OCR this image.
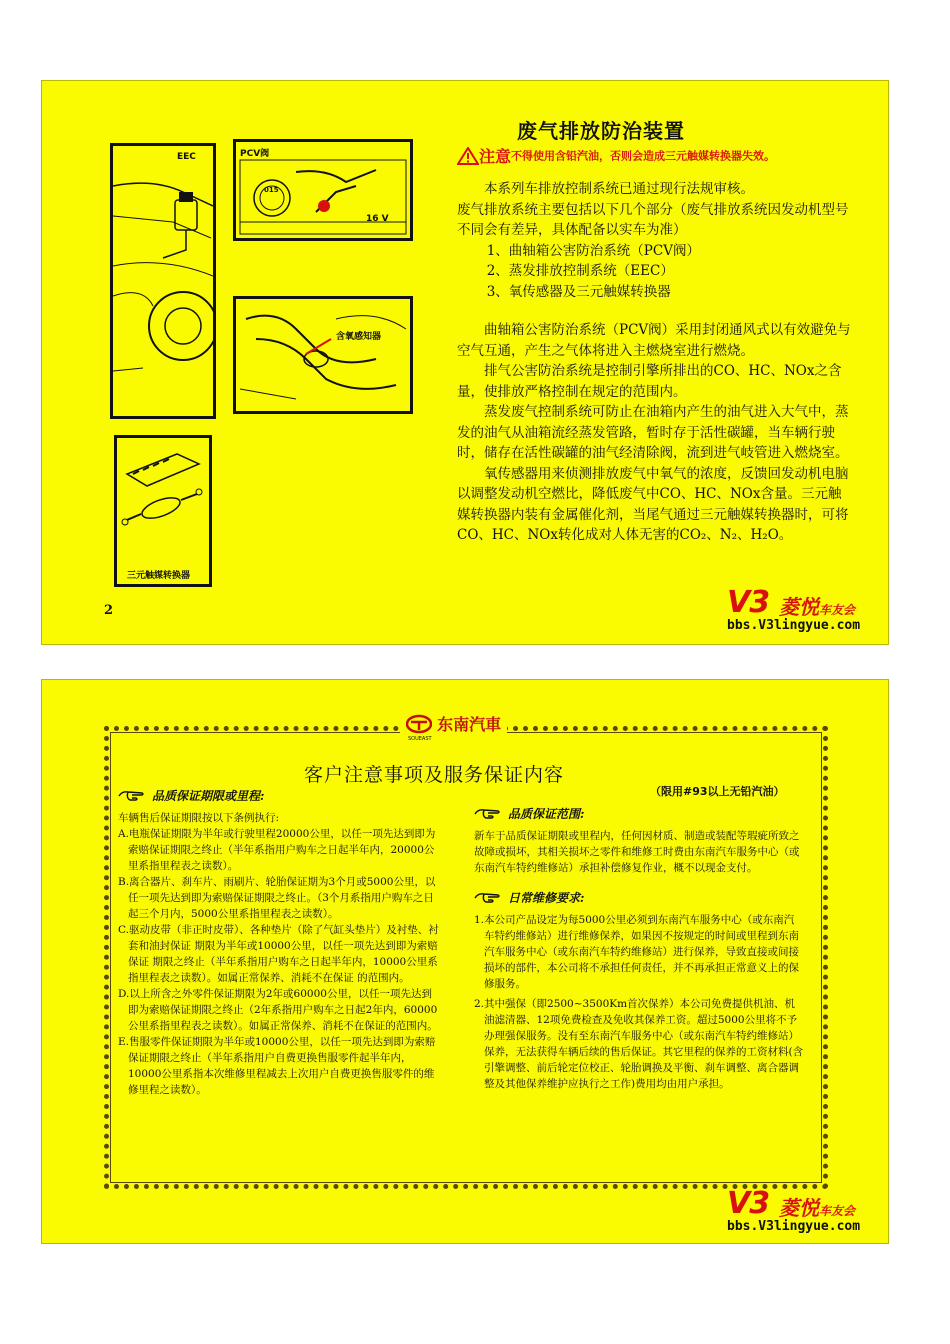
EEC	PCV阀
015
16 V
含氧感知器
三元触媒转换器
废气排放防治装置
注意不得使用含铅汽油，否则会造成三元触媒转换器失效。

本系列车排放控制系统已通过现行法规审核。

废气排放系统主要包括以下几个部分（废气排放系统因发动机型号不同会有差异，具体配备以实车为准）

1、曲轴箱公害防治系统（PCV阀）

2、蒸发排放控制系统（EEC）

3、氧传感器及三元触媒转换器

曲轴箱公害防治系统（PCV阀）采用封闭通风式以有效避免与空气互通，产生之气体将进入主燃烧室进行燃烧。

排气公害防治系统是控制引擎所排出的CO、HC、NOx之含量，使排放严格控制在规定的范围内。

蒸发废气控制系统可防止在油箱内产生的油气进入大气中，蒸发的油气从油箱流经蒸发管路，暂时存于活性碳罐，当车辆行驶时，储存在活性碳罐的油气经清除阀，流到进气岐管进入燃烧室。

氧传感器用来侦测排放废气中氧气的浓度，反馈回发动机电脑以调整发动机空燃比，降低废气中CO、HC、NOx含量。三元触媒转换器内装有金属催化剂，当尾气通过三元触媒转换器时，可将CO、HC、NOx转化成对人体无害的CO₂、N₂、H₂O。

2	V3 菱悦车友会
bbs.V3lingyue.com
东南汽車
SOUEAST
客户注意事项及服务保证内容
（限用#93以上无铅汽油）
品质保证期限或里程:

车辆售后保证期限按以下条例执行:

A.电瓶保证期限为半年或行驶里程20000公里，以任一项先达到即为索赔保证期限之终止（半年系指用户购车之日起半年内，20000公里系指里程表之读数）。

B.离合器片、刹车片、雨刷片、轮胎保证期为3个月或5000公里，以任一项先达到即为索赔保证期限之终止。（3个月系指用户购车之日起三个月内，5000公里系指里程表之读数）。

C.驱动皮带（非正时皮带）、各种垫片（除了气缸头垫片）及衬垫、衬套和油封保证 期限为半年或10000公里，以任一项先达到即为索赔保证 期限之终止（半年系指用户购车之日起半年内，10000公里系指里程表之读数）。如属正常保养、消耗不在保证 的范围内。

D.以上所含之外零件保证期限为2年或60000公里，以任一项先达到即为索赔保证期限之终止（2年系指用户购车之日起2年内，60000公里系指里程表之读数）。如属正常保养、消耗不在保证的范围内。

E.售服零件保证期限为半年或10000公里，以任一项先达到即为索赔保证期限之终止（半年系指用户自费更换售服零件起半年内，10000公里系指本次维修里程减去上次用户自费更换售服零件的维修里程之读数）。

品质保证范围:

新车于品质保证期限或里程内，任何因材质、制造或装配等瑕疵所致之故障或损坏，其相关损坏之零件和维修工时费由东南汽车服务中心（或东南汽车特约维修站）承担补偿修复作业，概不以现金支付。

日常维修要求:

1.本公司产品设定为每5000公里必须到东南汽车服务中心（或东南汽车特约维修站）进行维修保养，如果因不按规定的时间或里程到东南汽车服务中心（或东南汽车特约维修站）进行保养，导致直接或间接损坏的部件，本公司将不承担任何责任，并不再承担正常意义上的保修服务。

2.其中强保（即2500~3500Km首次保养）本公司免费提供机油、机油滤清器、12项免费检查及免收其保养工资。超过5000公里将不予办理强保服务。没有至东南汽车服务中心（或东南汽车特约维修站）保养，无法获得车辆后续的售后保证。其它里程的保养的工资材料(含引擎调整、前后轮定位校正、轮胎调换及平衡、刹车调整、离合器调整及其他保养维护应执行之工作)费用均由用户承担。

V3 菱悦车友会
bbs.V3lingyue.com
